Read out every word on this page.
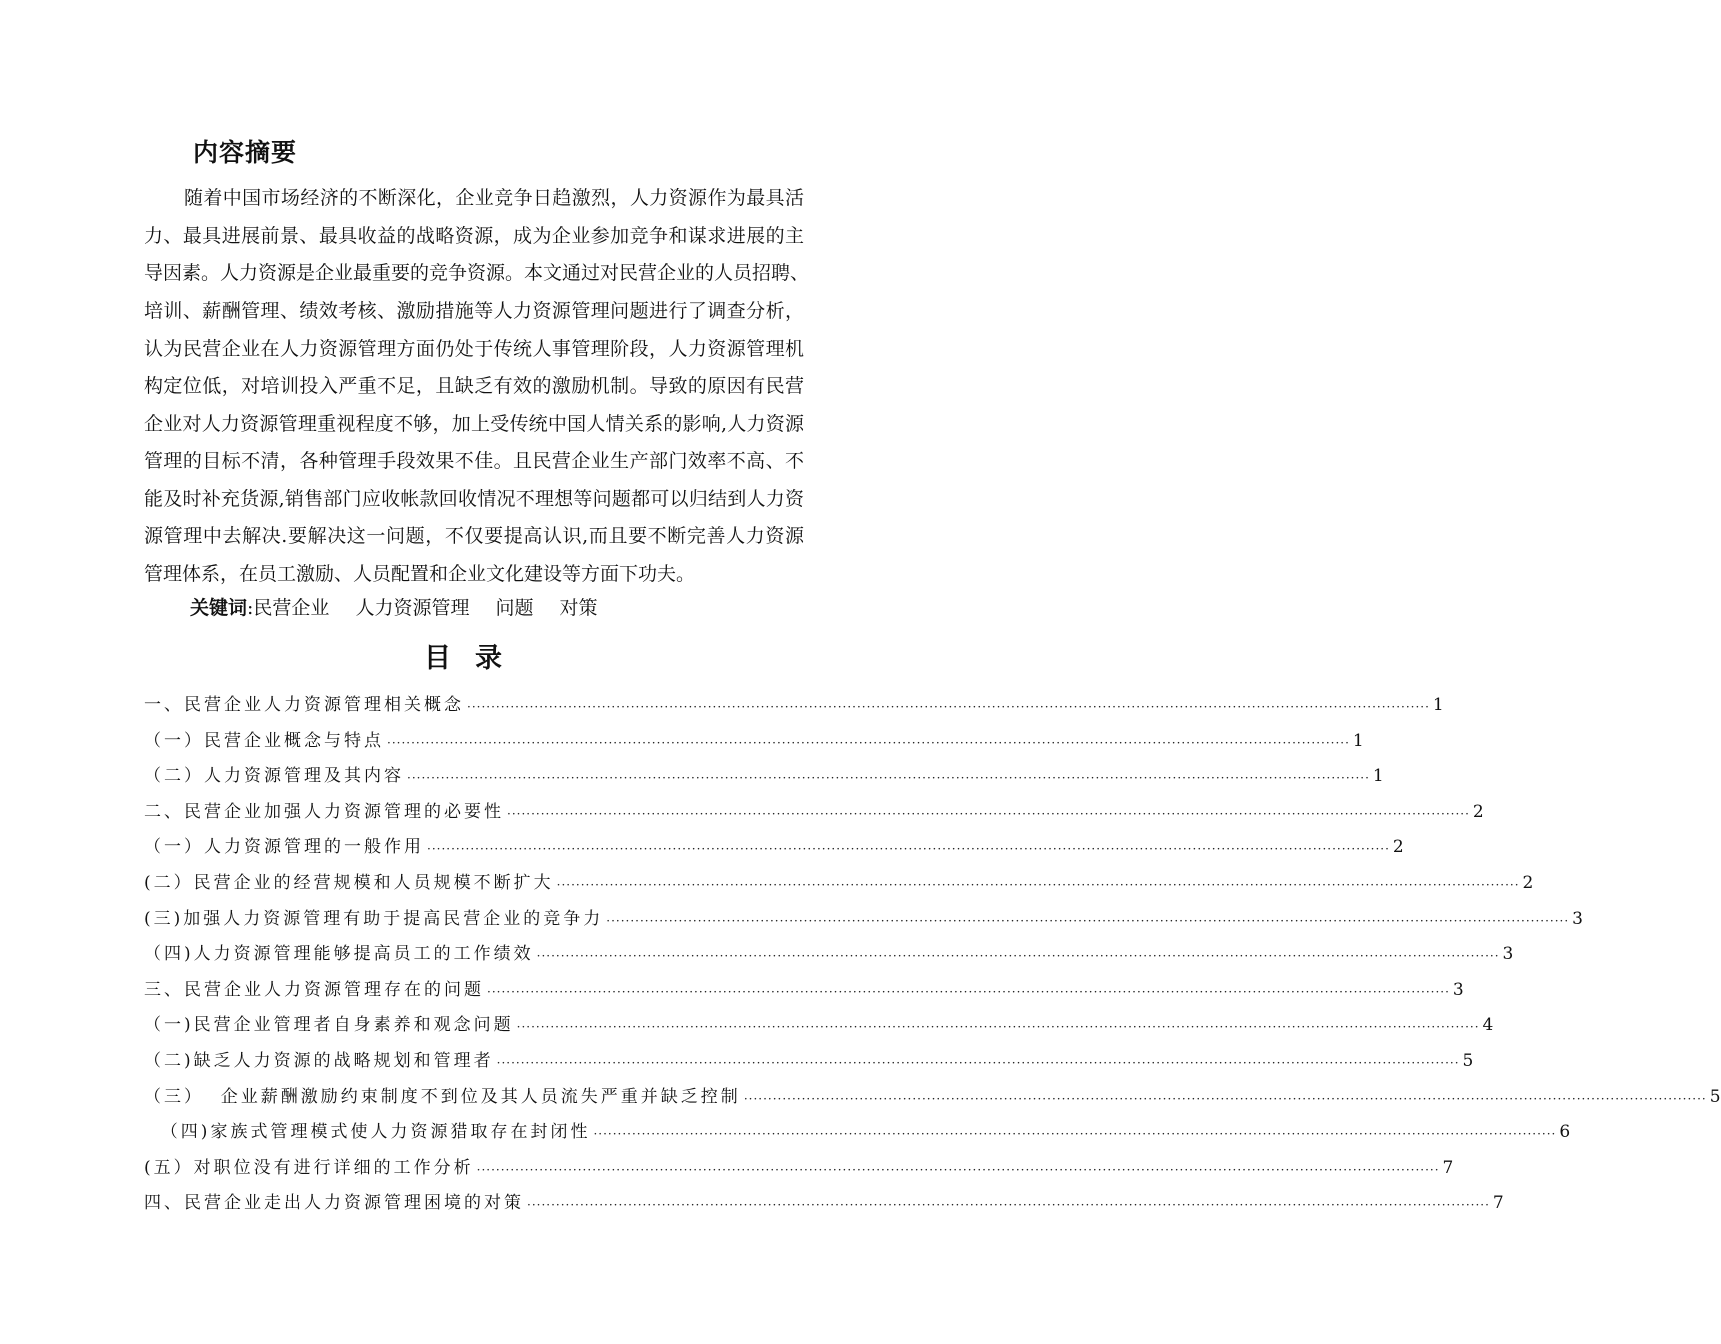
内容摘要
随着中国市场经济的不断深化，企业竞争日趋激烈，人力资源作为最具活
力、最具进展前景、最具收益的战略资源，成为企业参加竞争和谋求进展的主
导因素。人力资源是企业最重要的竞争资源。本文通过对民营企业的人员招聘、
培训、薪酬管理、绩效考核、激励措施等人力资源管理问题进行了调查分析，
认为民营企业在人力资源管理方面仍处于传统人事管理阶段，人力资源管理机
构定位低，对培训投入严重不足，且缺乏有效的激励机制。导致的原因有民营
企业对人力资源管理重视程度不够，加上受传统中国人情关系的影响,人力资源
管理的目标不清，各种管理手段效果不佳。且民营企业生产部门效率不高、不
能及时补充货源,销售部门应收帐款回收情况不理想等问题都可以归结到人力资
源管理中去解决.要解决这一问题，不仅要提高认识,而且要不断完善人力资源
管理体系，在员工激励、人员配置和企业文化建设等方面下功夫。
关键词:民营企业 人力资源管理 问题 对策
目录
一、民营企业人力资源管理相关概念 ········································································································································································································ 1
（一）民营企业概念与特点 ········································································································································································································ 1
（二）人力资源管理及其内容 ········································································································································································································ 1
二、民营企业加强人力资源管理的必要性 ········································································································································································································ 2
（一）人力资源管理的一般作用 ········································································································································································································ 2
(二）民营企业的经营规模和人员规模不断扩大 ········································································································································································································ 2
(三)加强人力资源管理有助于提高民营企业的竞争力 ········································································································································································································ 3
（四)人力资源管理能够提高员工的工作绩效 ········································································································································································································ 3
三、民营企业人力资源管理存在的问题 ········································································································································································································ 3
（一)民营企业管理者自身素养和观念问题 ········································································································································································································ 4
（二)缺乏人力资源的战略规划和管理者 ········································································································································································································ 5
（三）  企业薪酬激励约束制度不到位及其人员流失严重并缺乏控制 ········································································································································································································ 5
（四)家族式管理模式使人力资源猎取存在封闭性 ········································································································································································································ 6
(五）对职位没有进行详细的工作分析 ········································································································································································································ 7
四、民营企业走出人力资源管理困境的对策 ········································································································································································································ 7
